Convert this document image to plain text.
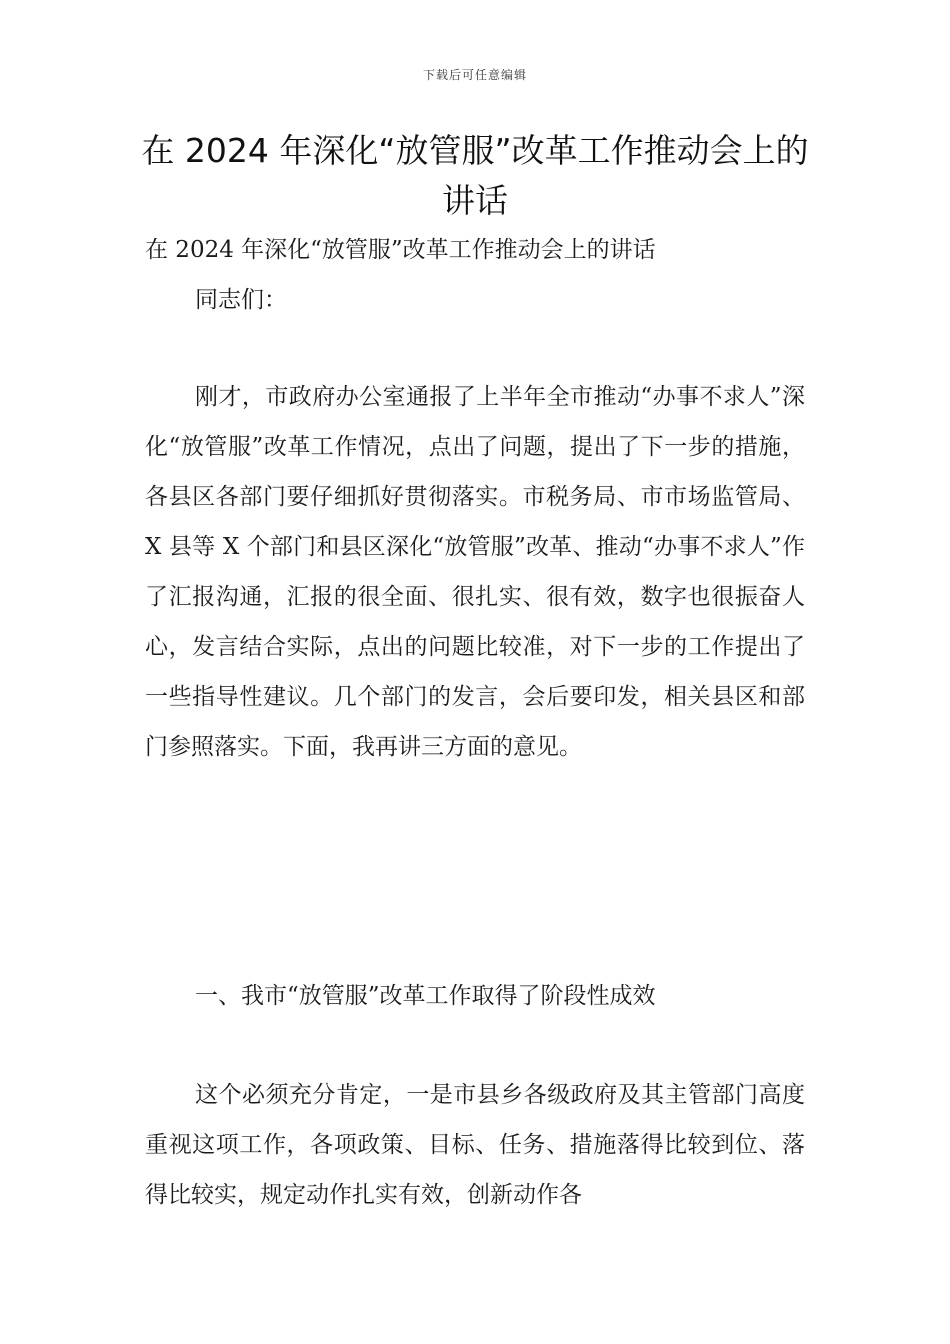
下载后可任意编辑
在 2024 年深化“放管服”改革工作推动会上的讲话

在 2024 年深化“放管服”改革工作推动会上的讲话

同志们：

刚才，市政府办公室通报了上半年全市推动“办事不求人”深化“放管服”改革工作情况，点出了问题，提出了下一步的措施，各县区各部门要仔细抓好贯彻落实。市税务局、市市场监管局、X 县等 X 个部门和县区深化“放管服”改革、推动“办事不求人”作了汇报沟通，汇报的很全面、很扎实、很有效，数字也很振奋人心，发言结合实际，点出的问题比较准，对下一步的工作提出了一些指导性建议。几个部门的发言，会后要印发，相关县区和部门参照落实。下面，我再讲三方面的意见。

一、我市“放管服”改革工作取得了阶段性成效

这个必须充分肯定，一是市县乡各级政府及其主管部门高度重视这项工作，各项政策、目标、任务、措施落得比较到位、落得比较实，规定动作扎实有效，创新动作各
